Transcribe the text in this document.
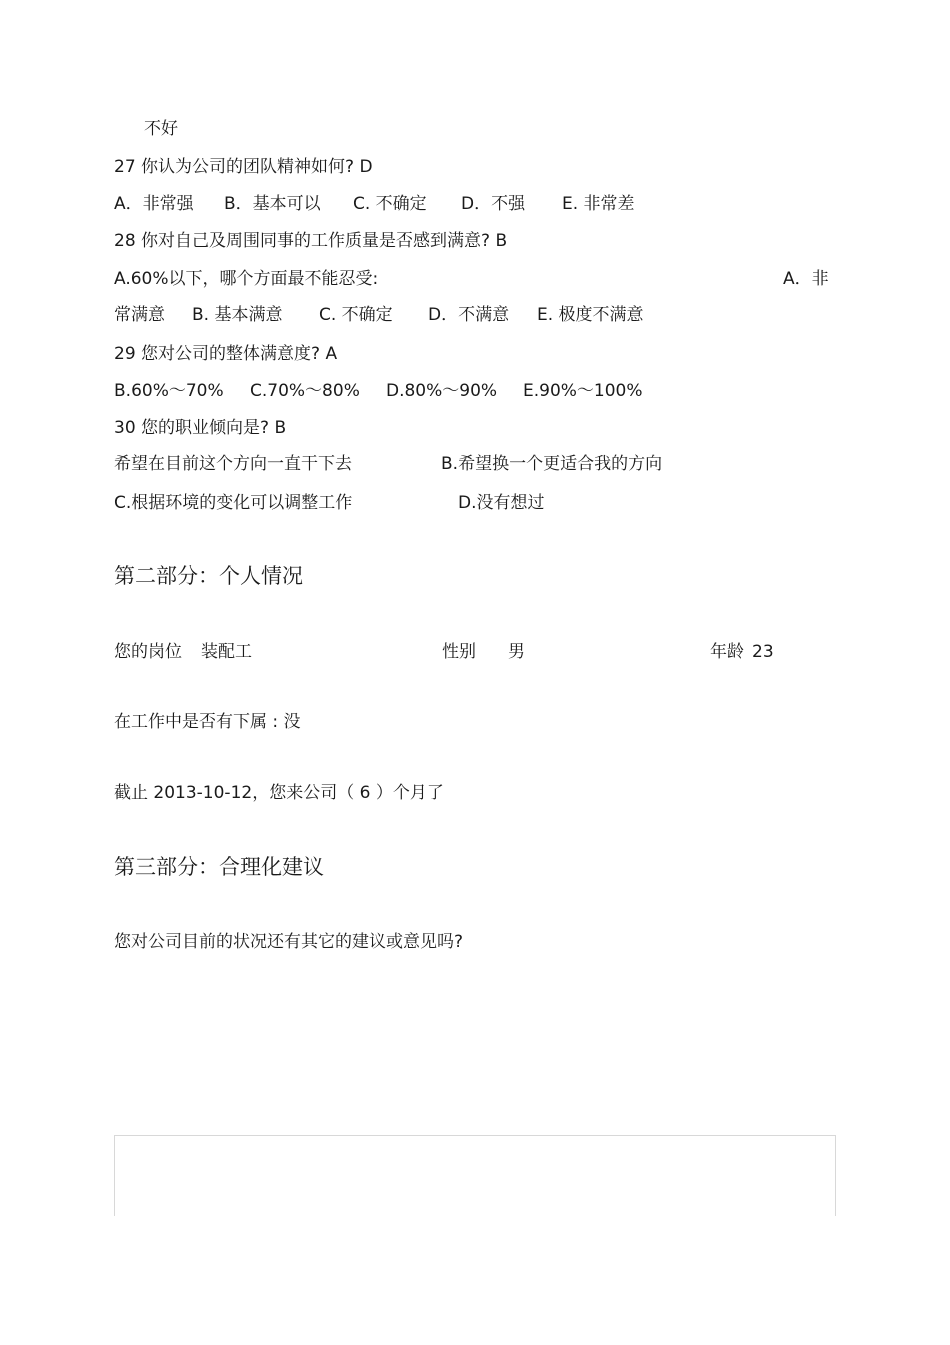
不好
27 你认为公司的团队精神如何? D
A．非常强 B．基本可以 C. 不确定 D．不强 E. 非常差
28 你对自己及周围同事的工作质量是否感到满意? B
A.60%以下，哪个方面最不能忍受:	A．非
常满意 B. 基本满意 C. 不确定 D．不满意 E. 极度不满意
29 您对公司的整体满意度? A
B.60%～70% C.70%～80% D.80%～90% E.90%～100%
30 您的职业倾向是? B
希望在目前这个方向一直干下去	B.希望换一个更适合我的方向
C.根据环境的变化可以调整工作	D.没有想过
第二部分：个人情况
您的岗位 装配工	性别 男	年龄 23
在工作中是否有下属 : 没
截止 2013-10-12，您来公司（ 6 ）个月了
第三部分：合理化建议
您对公司目前的状况还有其它的建议或意见吗?
